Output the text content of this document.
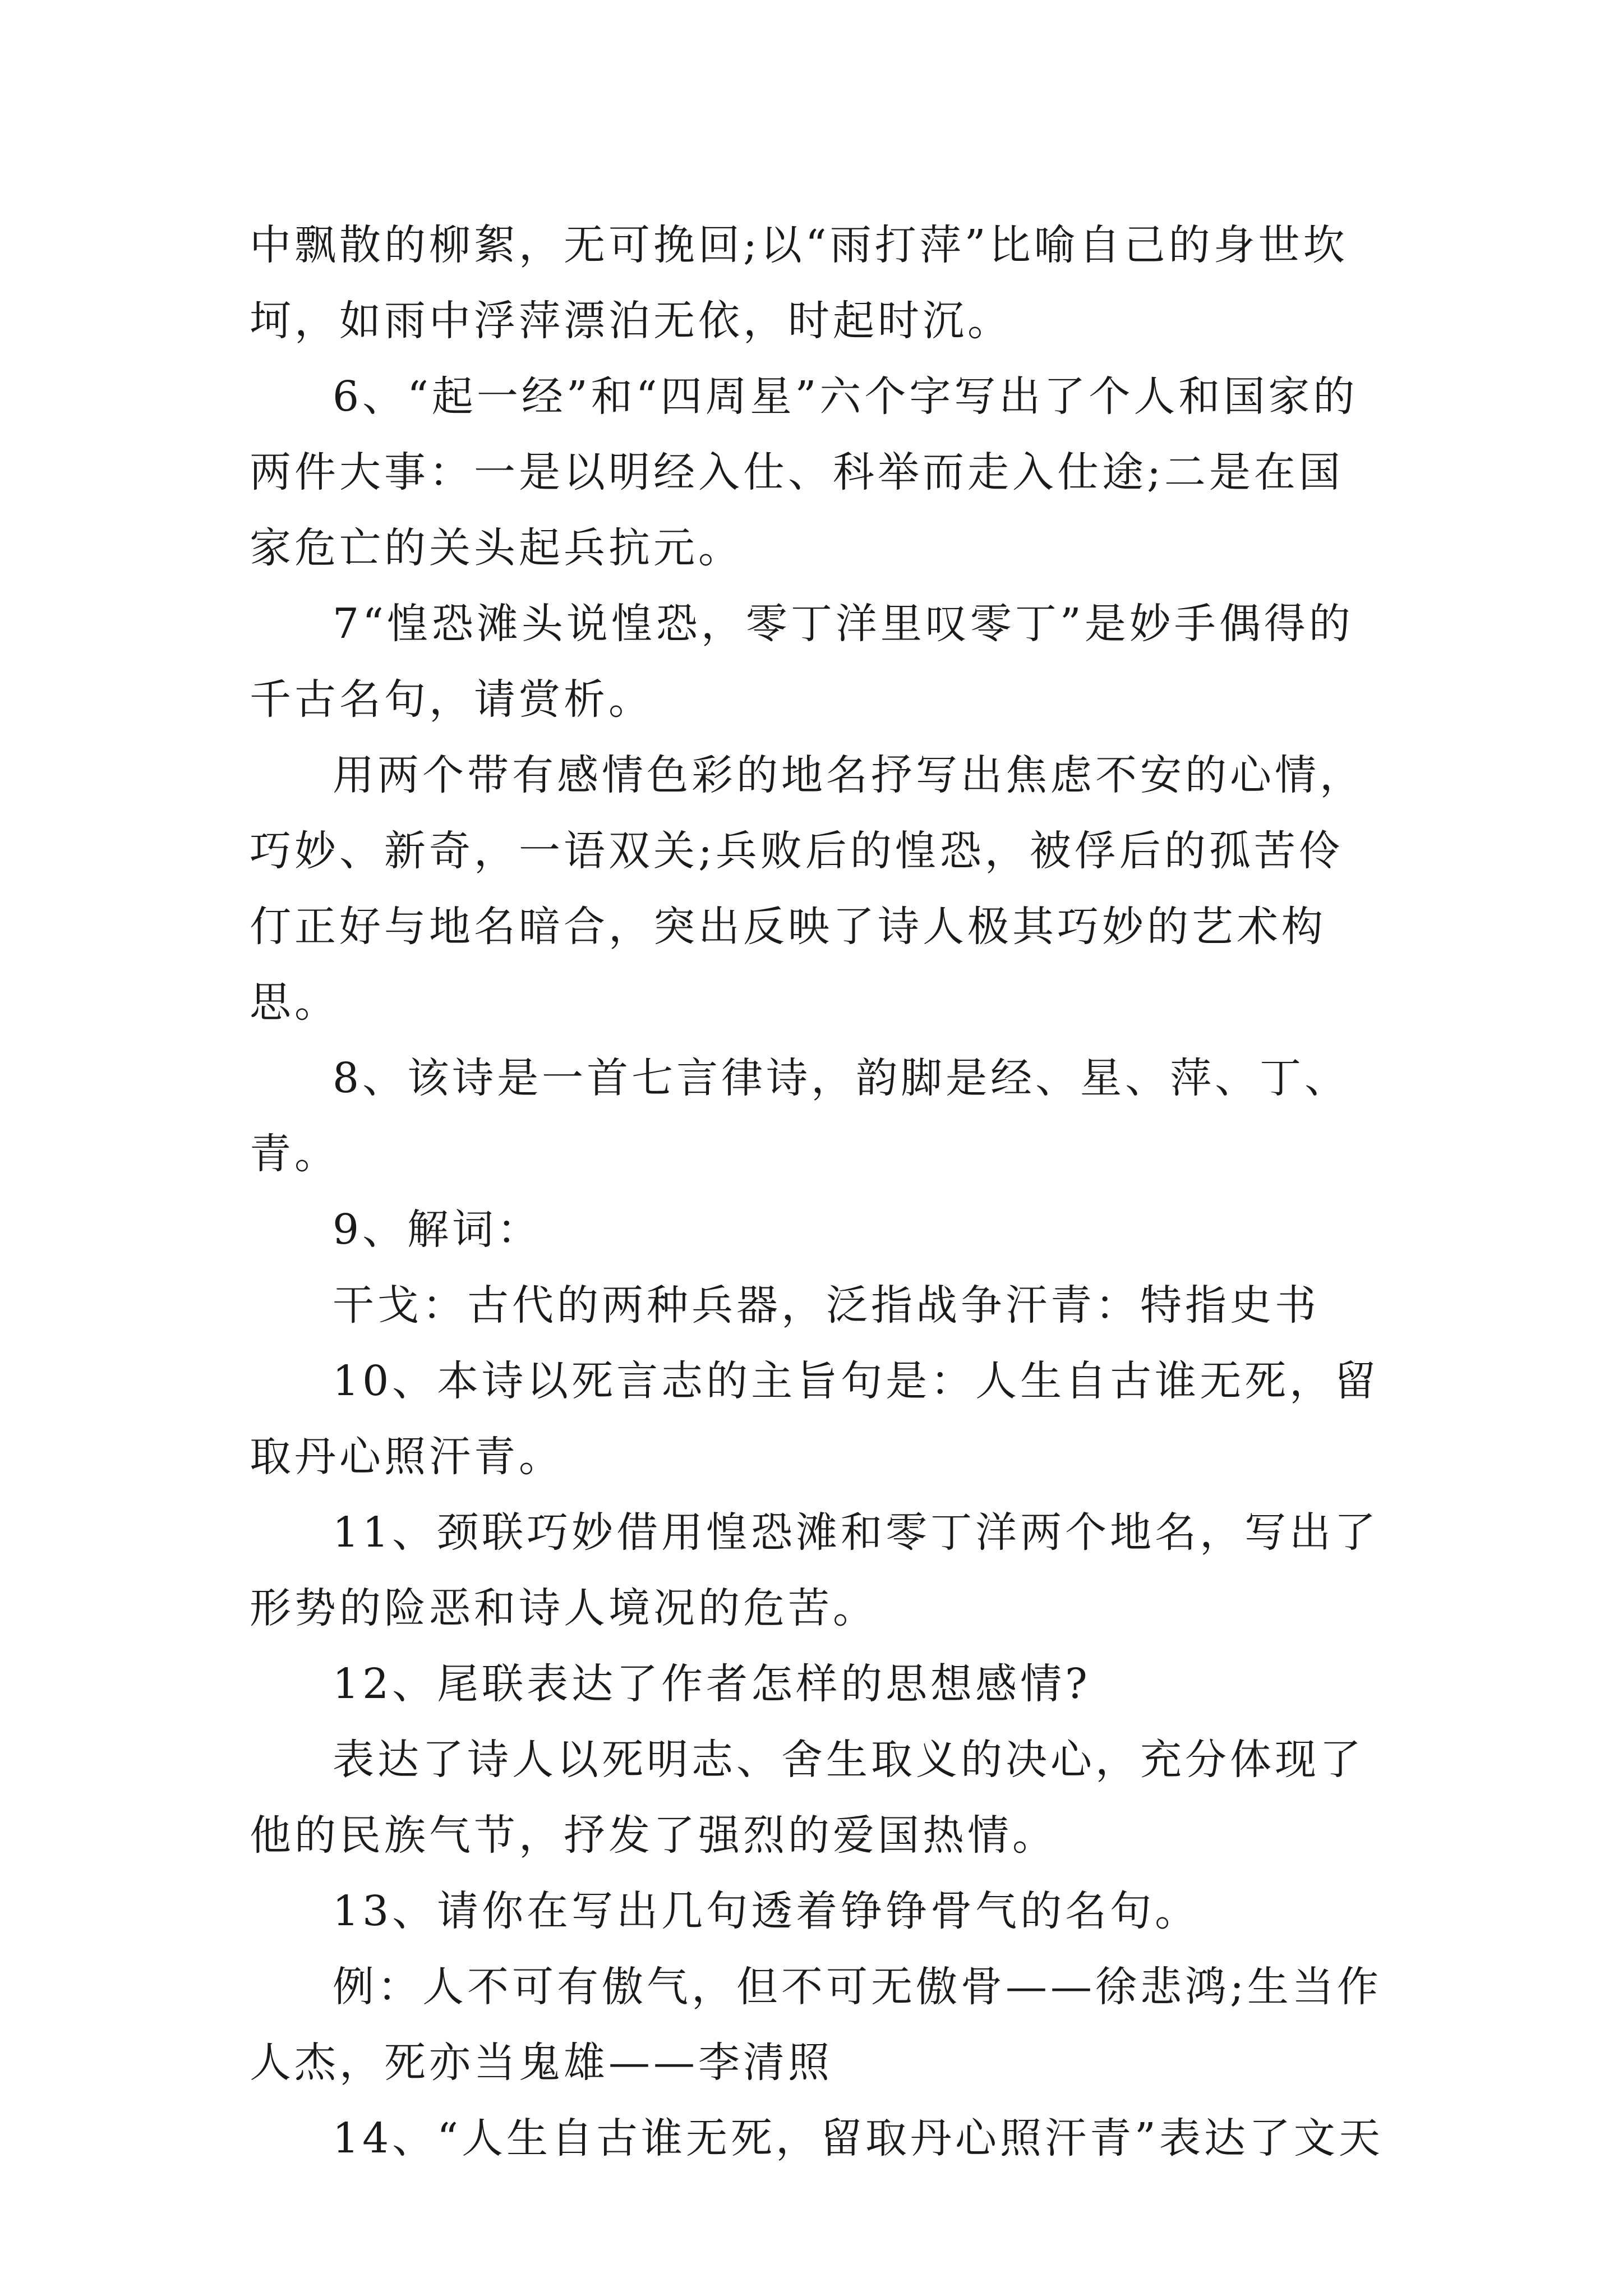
中飘散的柳絮，无可挽回;以“雨打萍”比喻自己的身世坎坷，如雨中浮萍漂泊无依，时起时沉。

6、“起一经”和“四周星”六个字写出了个人和国家的两件大事：一是以明经入仕、科举而走入仕途;二是在国家危亡的关头起兵抗元。

7“惶恐滩头说惶恐，零丁洋里叹零丁”是妙手偶得的千古名句，请赏析。

用两个带有感情色彩的地名抒写出焦虑不安的心情，巧妙、新奇，一语双关;兵败后的惶恐，被俘后的孤苦伶仃正好与地名暗合，突出反映了诗人极其巧妙的艺术构思。

8、该诗是一首七言律诗，韵脚是经、星、萍、丁、青。

9、解词：

干戈：古代的两种兵器，泛指战争汗青：特指史书

10、本诗以死言志的主旨句是：人生自古谁无死，留取丹心照汗青。

11、颈联巧妙借用惶恐滩和零丁洋两个地名，写出了形势的险恶和诗人境况的危苦。

12、尾联表达了作者怎样的思想感情?

表达了诗人以死明志、舍生取义的决心，充分体现了他的民族气节，抒发了强烈的爱国热情。

13、请你在写出几句透着铮铮骨气的名句。

例：人不可有傲气，但不可无傲骨——徐悲鸿;生当作人杰，死亦当鬼雄——李清照

14、“人生自古谁无死，留取丹心照汗青”表达了文天
